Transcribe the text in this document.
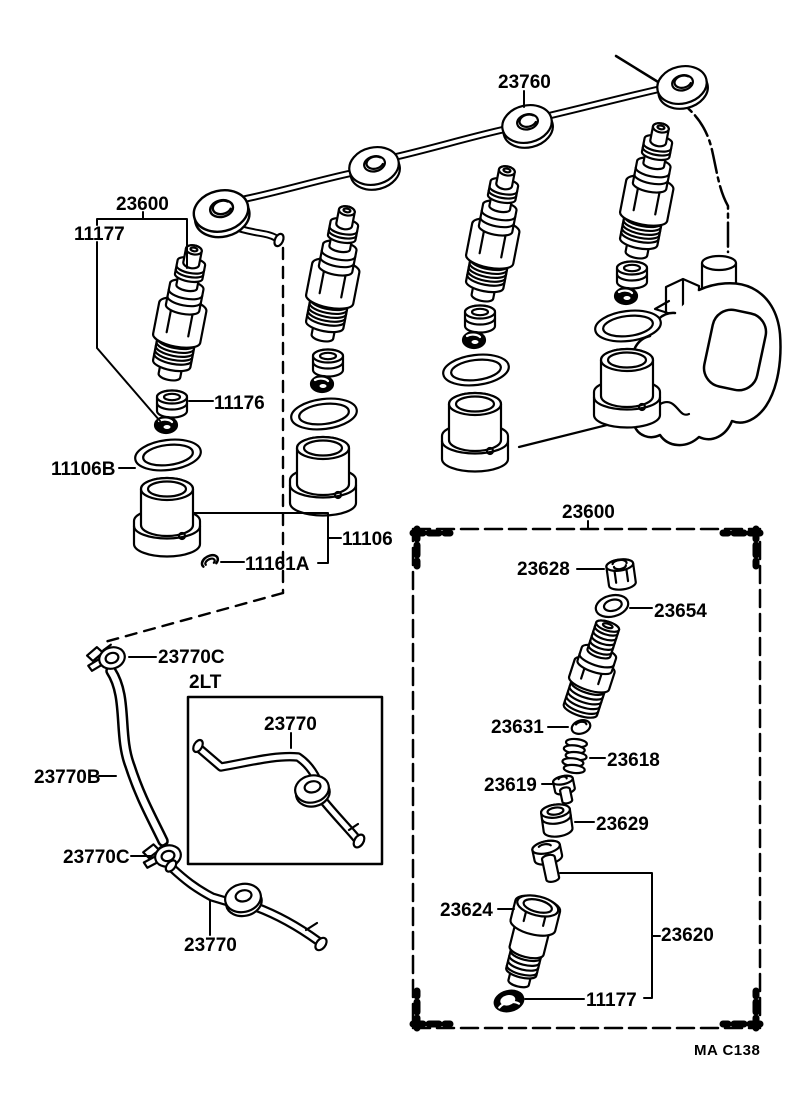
23760
23600
11177
11176
11106B
11106
11161A
23770C
2LT
23770
23770B
23770C
23770
23600
23628
23654
23631
23618
23619
23629
23624
23620
11177
MA C138
